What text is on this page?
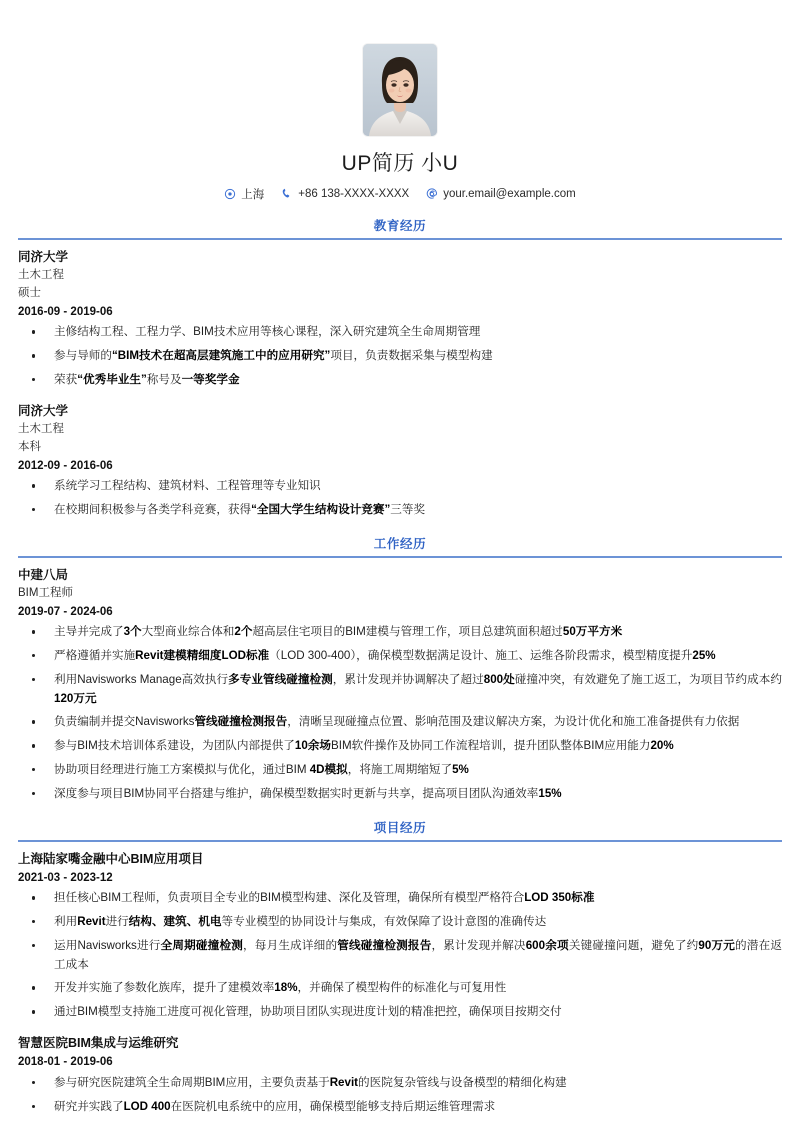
UP简历 小U
上海	+86 138-XXXX-XXXX	your.email@example.com
教育经历
同济大学
土木工程
硕士
2016-09 - 2019-06
主修结构工程、工程力学、BIM技术应用等核心课程，深入研究建筑全生命周期管理
参与导师的“BIM技术在超高层建筑施工中的应用研究”项目，负责数据采集与模型构建
荣获“优秀毕业生”称号及一等奖学金
同济大学
土木工程
本科
2012-09 - 2016-06
系统学习工程结构、建筑材料、工程管理等专业知识
在校期间积极参与各类学科竞赛，获得“全国大学生结构设计竞赛”三等奖
工作经历
中建八局
BIM工程师
2019-07 - 2024-06
主导并完成了3个大型商业综合体和2个超高层住宅项目的BIM建模与管理工作，项目总建筑面积超过50万平方米
严格遵循并实施Revit建模精细度LOD标准（LOD 300-400），确保模型数据满足设计、施工、运维各阶段需求，模型精度提升25%
利用Navisworks Manage高效执行多专业管线碰撞检测，累计发现并协调解决了超过800处碰撞冲突，有效避免了施工返工，为项目节约成本约120万元
负责编制并提交Navisworks管线碰撞检测报告，清晰呈现碰撞点位置、影响范围及建议解决方案，为设计优化和施工准备提供有力依据
参与BIM技术培训体系建设，为团队内部提供了10余场BIM软件操作及协同工作流程培训，提升团队整体BIM应用能力20%
协助项目经理进行施工方案模拟与优化，通过BIM 4D模拟，将施工周期缩短了5%
深度参与项目BIM协同平台搭建与维护，确保模型数据实时更新与共享，提高项目团队沟通效率15%
项目经历
上海陆家嘴金融中心BIM应用项目
2021-03 - 2023-12
担任核心BIM工程师，负责项目全专业的BIM模型构建、深化及管理，确保所有模型严格符合LOD 350标准
利用Revit进行结构、建筑、机电等专业模型的协同设计与集成，有效保障了设计意图的准确传达
运用Navisworks进行全周期碰撞检测，每月生成详细的管线碰撞检测报告，累计发现并解决600余项关键碰撞问题，避免了约90万元的潜在返工成本
开发并实施了参数化族库，提升了建模效率18%，并确保了模型构件的标准化与可复用性
通过BIM模型支持施工进度可视化管理，协助项目团队实现进度计划的精准把控，确保项目按期交付
智慧医院BIM集成与运维研究
2018-01 - 2019-06
参与研究医院建筑全生命周期BIM应用，主要负责基于Revit的医院复杂管线与设备模型的精细化构建
研究并实践了LOD 400在医院机电系统中的应用，确保模型能够支持后期运维管理需求
